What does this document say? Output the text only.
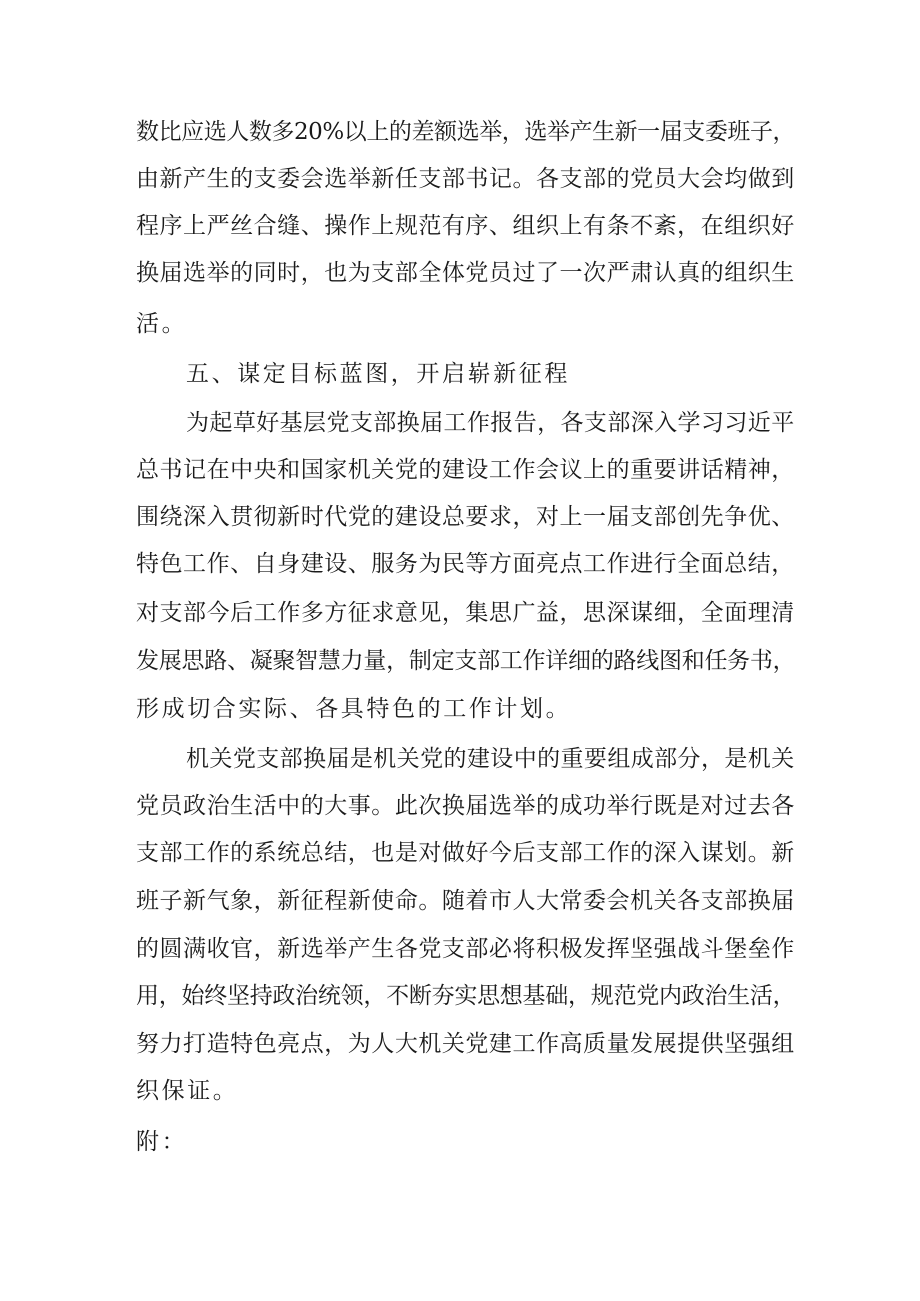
数比应选人数多20%以上的差额选举，选举产生新一届支委班子，
由新产生的支委会选举新任支部书记。各支部的党员大会均做到
程序上严丝合缝、操作上规范有序、组织上有条不紊，在组织好
换届选举的同时，也为支部全体党员过了一次严肃认真的组织生
活。
五、谋定目标蓝图，开启崭新征程
为起草好基层党支部换届工作报告，各支部深入学习习近平
总书记在中央和国家机关党的建设工作会议上的重要讲话精神，
围绕深入贯彻新时代党的建设总要求，对上一届支部创先争优、
特色工作、自身建设、服务为民等方面亮点工作进行全面总结，
对支部今后工作多方征求意见，集思广益，思深谋细，全面理清
发展思路、凝聚智慧力量，制定支部工作详细的路线图和任务书，
形成切合实际、各具特色的工作计划。
机关党支部换届是机关党的建设中的重要组成部分，是机关
党员政治生活中的大事。此次换届选举的成功举行既是对过去各
支部工作的系统总结，也是对做好今后支部工作的深入谋划。新
班子新气象，新征程新使命。随着市人大常委会机关各支部换届
的圆满收官，新选举产生各党支部必将积极发挥坚强战斗堡垒作
用，始终坚持政治统领，不断夯实思想基础，规范党内政治生活，
努力打造特色亮点，为人大机关党建工作高质量发展提供坚强组
织保证。
附：
